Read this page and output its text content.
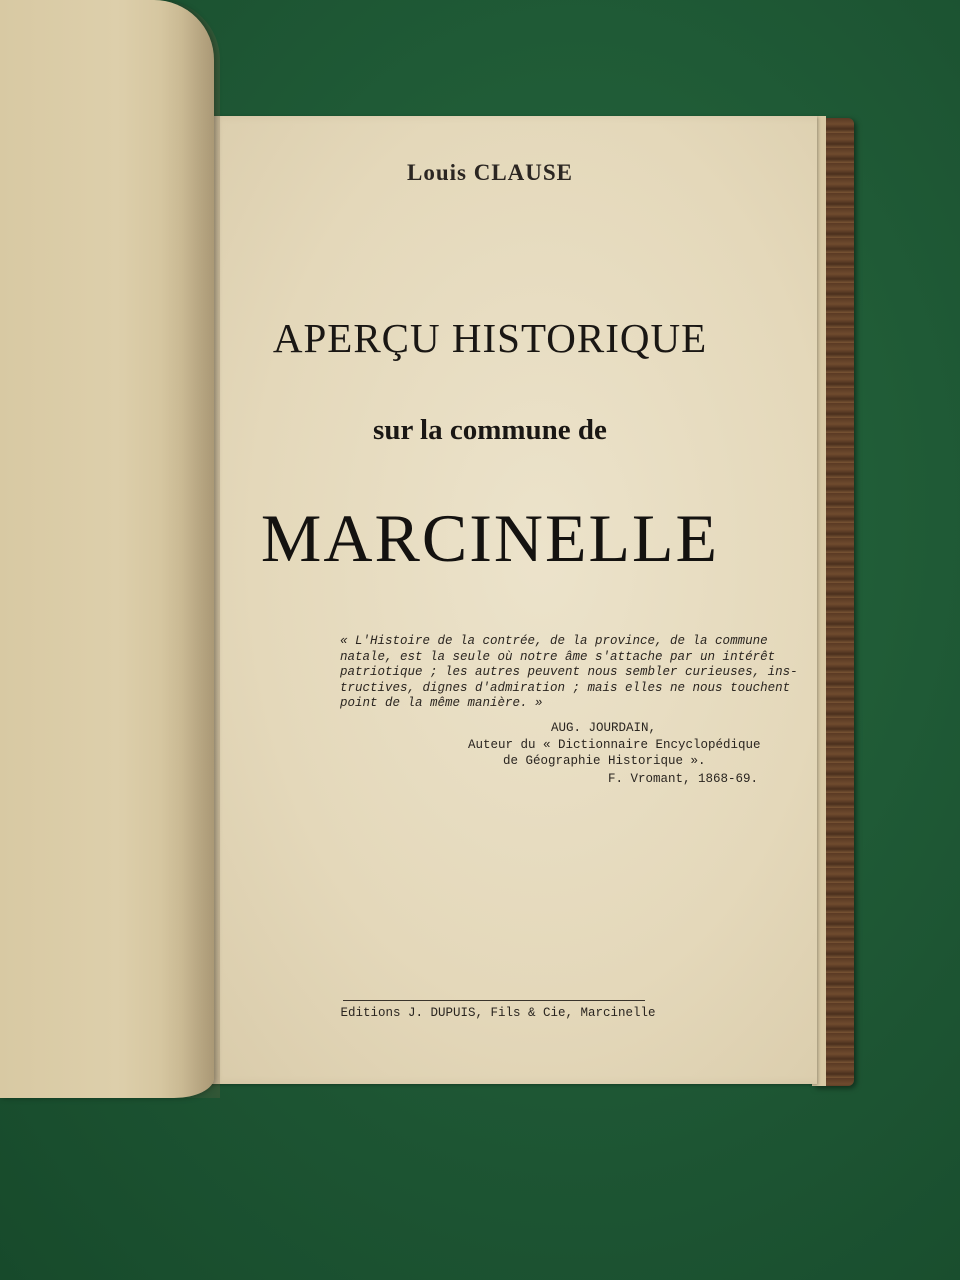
Louis CLAUSE
APERÇU HISTORIQUE
sur la commune de
MARCINELLE
« L'Histoire de la contrée, de la province, de la commune
natale, est la seule où notre âme s'attache par un intérêt
patriotique ; les autres peuvent nous sembler curieuses, ins-
tructives, dignes d'admiration ; mais elles ne nous touchent
point de la même manière. »
AUG. JOURDAIN,
Auteur du « Dictionnaire Encyclopédique
de Géographie Historique ».
F. Vromant, 1868-69.
Editions J. DUPUIS, Fils & Cie, Marcinelle
